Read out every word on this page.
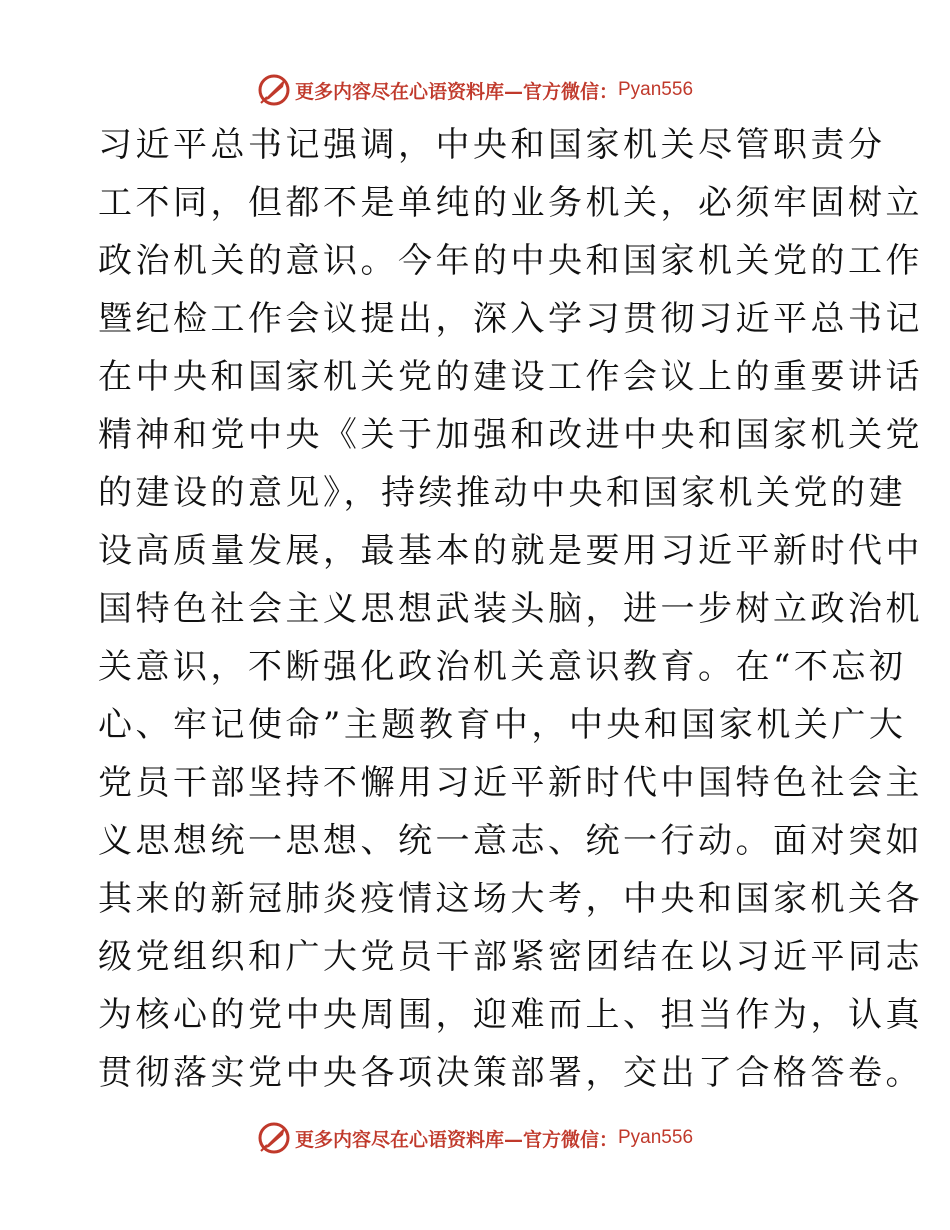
更多内容尽在心语资料库—官方微信： Pyan556
习近平总书记强调，中央和国家机关尽管职责分
工不同，但都不是单纯的业务机关，必须牢固树立
政治机关的意识。今年的中央和国家机关党的工作
暨纪检工作会议提出，深入学习贯彻习近平总书记
在中央和国家机关党的建设工作会议上的重要讲话
精神和党中央《关于加强和改进中央和国家机关党
的建设的意见》，持续推动中央和国家机关党的建
设高质量发展，最基本的就是要用习近平新时代中
国特色社会主义思想武装头脑，进一步树立政治机
关意识，不断强化政治机关意识教育。在“不忘初
心、牢记使命”主题教育中，中央和国家机关广大
党员干部坚持不懈用习近平新时代中国特色社会主
义思想统一思想、统一意志、统一行动。面对突如
其来的新冠肺炎疫情这场大考，中央和国家机关各
级党组织和广大党员干部紧密团结在以习近平同志
为核心的党中央周围，迎难而上、担当作为，认真
贯彻落实党中央各项决策部署，交出了合格答卷。
更多内容尽在心语资料库—官方微信： Pyan556
